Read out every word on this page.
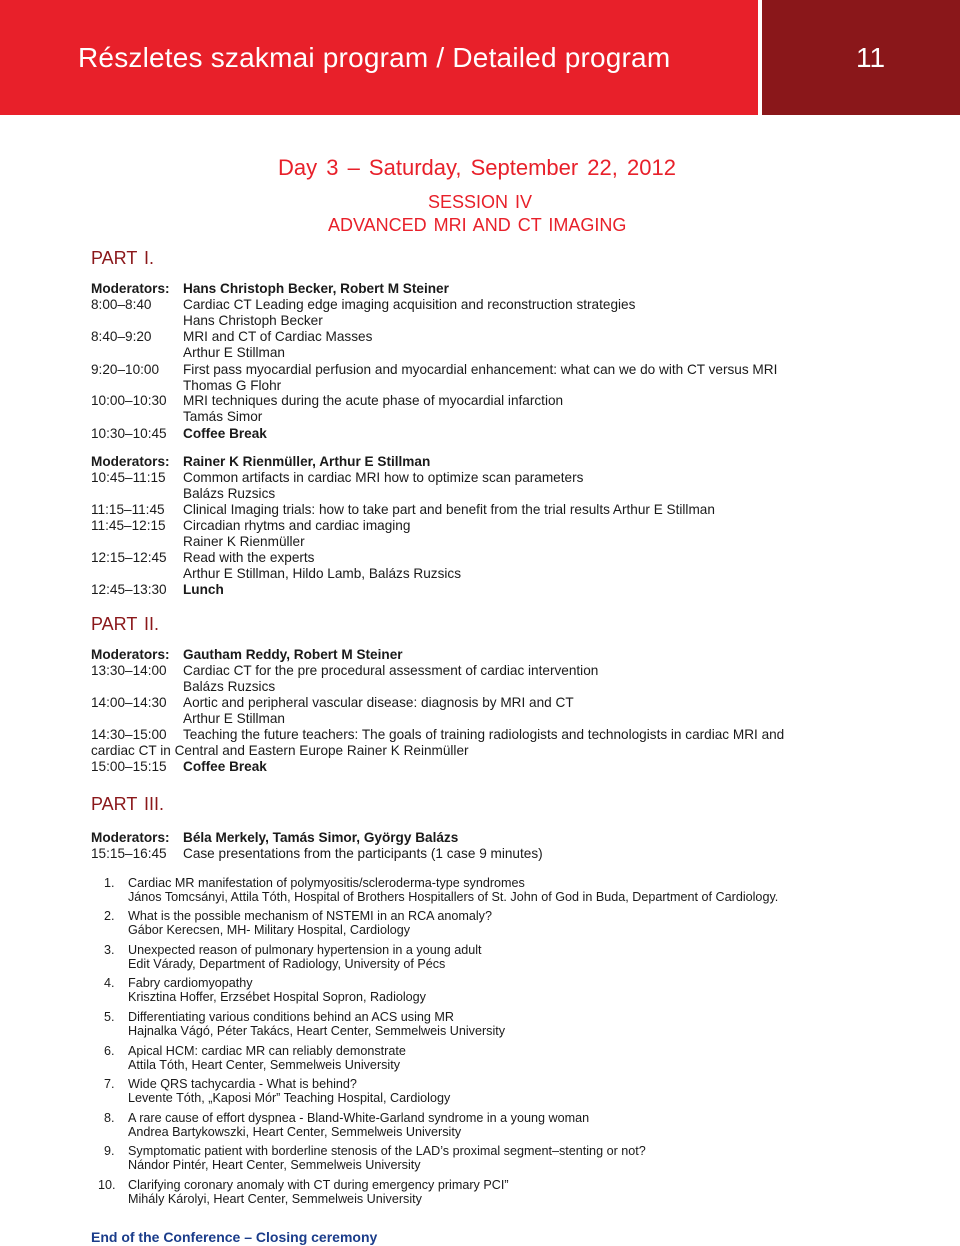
Részletes szakmai program / Detailed program	11
Day 3 – Saturday, September 22, 2012
SESSION IV
ADVANCED MRI AND CT IMAGING
PART I.
Moderators: Hans Christoph Becker, Robert M Steiner
8:00–8:40 Cardiac CT Leading edge imaging acquisition and reconstruction strategies
Hans Christoph Becker
8:40–9:20 MRI and CT of Cardiac Masses
Arthur E Stillman
9:20–10:00 First pass myocardial perfusion and myocardial enhancement: what can we do with CT versus MRI
Thomas G Flohr
10:00–10:30 MRI techniques during the acute phase of myocardial infarction
Tamás Simor
10:30–10:45 Coffee Break
Moderators: Rainer K Rienmüller, Arthur E Stillman
10:45–11:15 Common artifacts in cardiac MRI how to optimize scan parameters
Balázs Ruzsics
11:15–11:45 Clinical Imaging trials: how to take part and benefit from the trial results Arthur E Stillman
11:45–12:15 Circadian rhytms and cardiac imaging
Rainer K Rienmüller
12:15–12:45 Read with the experts
Arthur E Stillman, Hildo Lamb, Balázs Ruzsics
12:45–13:30 Lunch
PART II.
Moderators: Gautham Reddy, Robert M Steiner
13:30–14:00 Cardiac CT for the pre procedural assessment of cardiac intervention
Balázs Ruzsics
14:00–14:30 Aortic and peripheral vascular disease: diagnosis by MRI and CT
Arthur E Stillman
14:30–15:00 Teaching the future teachers: The goals of training radiologists and technologists in cardiac MRI and
cardiac CT in Central and Eastern Europe Rainer K Reinmüller
15:00–15:15 Coffee Break
PART III.
Moderators: Béla Merkely, Tamás Simor, György Balázs
15:15–16:45 Case presentations from the participants (1 case 9 minutes)
1. Cardiac MR manifestation of polymyositis/scleroderma-type syndromes
János Tomcsányi, Attila Tóth, Hospital of Brothers Hospitallers of St. John of God in Buda, Department of Cardiology.
2. What is the possible mechanism of NSTEMI in an RCA anomaly?
Gábor Kerecsen, MH- Military Hospital, Cardiology
3. Unexpected reason of pulmonary hypertension in a young adult
Edit Várady, Department of Radiology, University of Pécs
4. Fabry cardiomyopathy
Krisztina Hoffer, Erzsébet Hospital Sopron, Radiology
5. Differentiating various conditions behind an ACS using MR
Hajnalka Vágó, Péter Takács, Heart Center, Semmelweis University
6. Apical HCM: cardiac MR can reliably demonstrate
Attila Tóth, Heart Center, Semmelweis University
7. Wide QRS tachycardia - What is behind?
Levente Tóth, „Kaposi Mór” Teaching Hospital, Cardiology
8. A rare cause of effort dyspnea - Bland-White-Garland syndrome in a young woman
Andrea Bartykowszki, Heart Center, Semmelweis University
9. Symptomatic patient with borderline stenosis of the LAD’s proximal segment–stenting or not?
Nándor Pintér, Heart Center, Semmelweis University
10. Clarifying coronary anomaly with CT during emergency primary PCI”
Mihály Károlyi, Heart Center, Semmelweis University
End of the Conference – Closing ceremony
